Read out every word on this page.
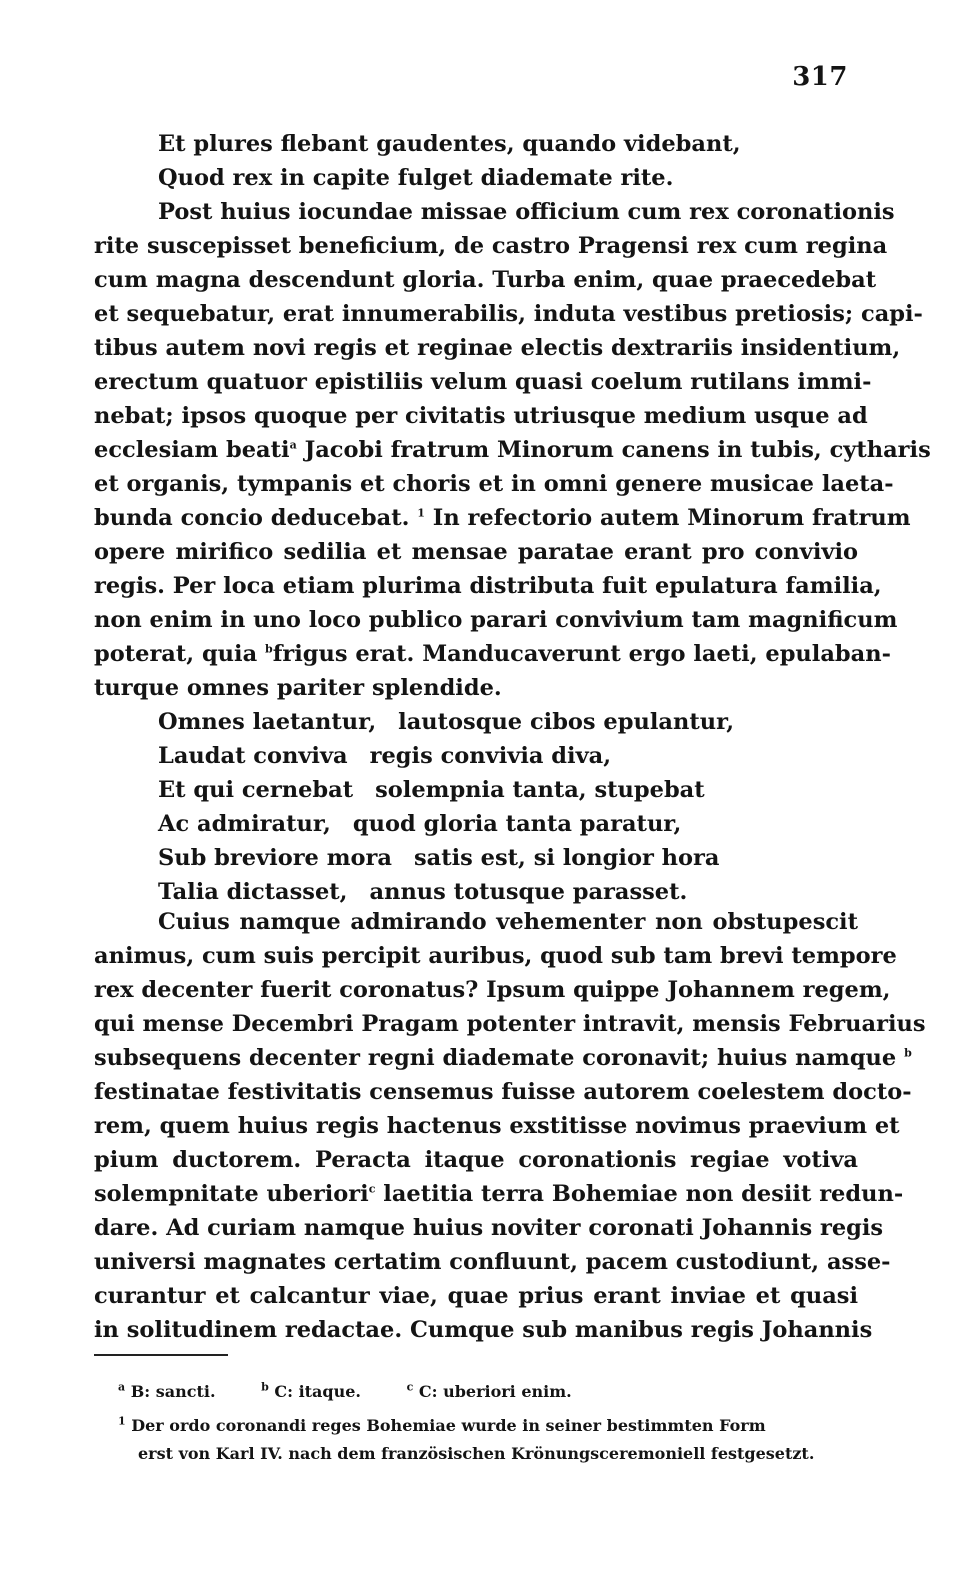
317
Et plures flebant gaudentes, quando videbant,
Quod rex in capite fulget diademate rite.
Post huius iocundae missae officium cum rex coronationis
rite suscepisset beneficium, de castro Pragensi rex cum regina
cum magna descendunt gloria. Turba enim, quae praecedebat
et sequebatur, erat innumerabilis, induta vestibus pretiosis; capi-
tibus autem novi regis et reginae electis dextrariis insidentium,
erectum quatuor epistiliis velum quasi coelum rutilans immi-
nebat; ipsos quoque per civitatis utriusque medium usque ad
ecclesiam beati$^a$ Jacobi fratrum Minorum canens in tubis, cytharis
et organis, tympanis et choris et in omni genere musicae laeta-
bunda concio deducebat. $^1$ In refectorio autem Minorum fratrum
opere mirifico sedilia et mensae paratae erant pro convivio
regis. Per loca etiam plurima distributa fuit epulatura familia,
non enim in uno loco publico parari convivium tam magnificum
poterat, quia $^b$frigus erat. Manducaverunt ergo laeti, epulaban-
turque omnes pariter splendide.
Omnes laetantur, lautosque cibos epulantur,
Laudat conviva regis convivia diva,
Et qui cernebat solempnia tanta, stupebat
Ac admiratur, quod gloria tanta paratur,
Sub breviore mora satis est, si longior hora
Talia dictasset, annus totusque parasset.
Cuius namque admirando vehementer non obstupescit
animus, cum suis percipit auribus, quod sub tam brevi tempore
rex decenter fuerit coronatus? Ipsum quippe Johannem regem,
qui mense Decembri Pragam potenter intravit, mensis Februarius
subsequens decenter regni diademate coronavit; huius namque $^b$
festinatae festivitatis censemus fuisse autorem coelestem docto-
rem, quem huius regis hactenus exstitisse novimus praevium et
pium ductorem. Peracta itaque coronationis regiae votiva
solempnitate uberiori$^c$ laetitia terra Bohemiae non desiit redun-
dare. Ad curiam namque huius noviter coronati Johannis regis
universi magnates certatim confluunt, pacem custodiunt, asse-
curantur et calcantur viae, quae prius erant inviae et quasi
in solitudinem redactae. Cumque sub manibus regis Johannis
$^a$ B: sancti.	$^b$ C: itaque.	$^c$ C: uberiori enim.
$^1$ Der ordo coronandi reges Bohemiae wurde in seiner bestimmten Form
erst von Karl IV. nach dem französischen Krönungsceremoniell festgesetzt.
